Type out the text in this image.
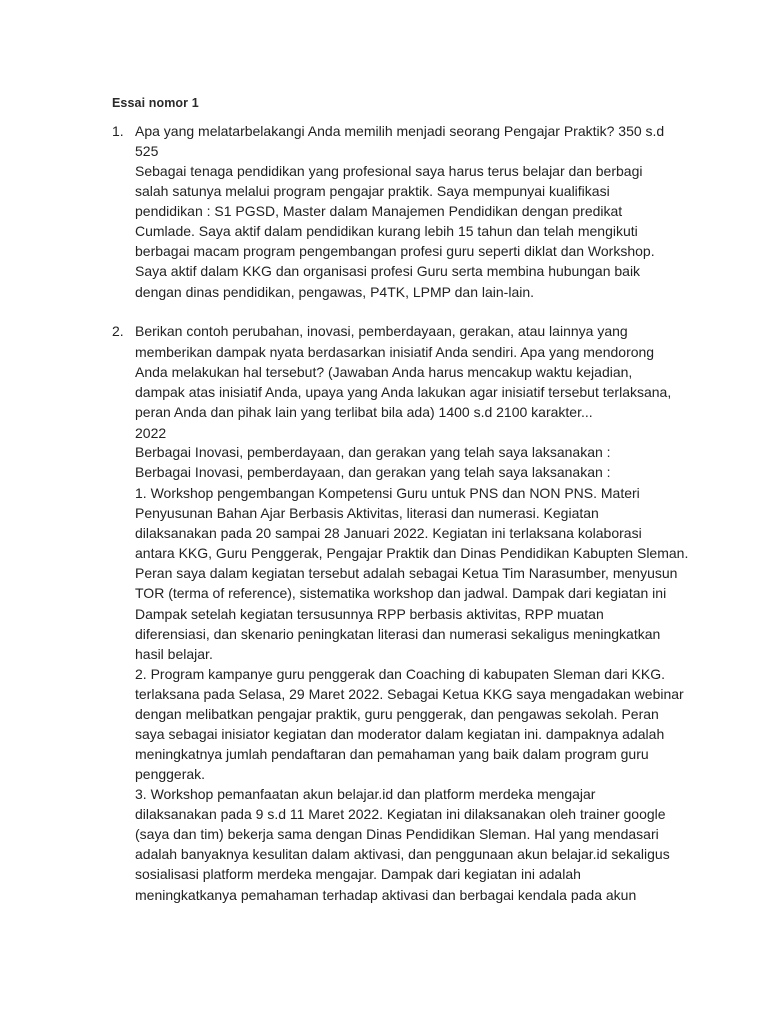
Essai nomor 1
1. Apa yang melatarbelakangi Anda memilih menjadi seorang Pengajar Praktik? 350 s.d
525
Sebagai tenaga pendidikan yang profesional saya harus terus belajar dan berbagi
salah satunya melalui program pengajar praktik. Saya mempunyai kualifikasi
pendidikan : S1 PGSD, Master dalam Manajemen Pendidikan dengan predikat
Cumlade. Saya aktif dalam pendidikan kurang lebih 15 tahun dan telah mengikuti
berbagai macam program pengembangan profesi guru seperti diklat dan Workshop.
Saya aktif dalam KKG dan organisasi profesi Guru serta membina hubungan baik
dengan dinas pendidikan, pengawas, P4TK, LPMP dan lain-lain.
2. Berikan contoh perubahan, inovasi, pemberdayaan, gerakan, atau lainnya yang
memberikan dampak nyata berdasarkan inisiatif Anda sendiri. Apa yang mendorong
Anda melakukan hal tersebut? (Jawaban Anda harus mencakup waktu kejadian,
dampak atas inisiatif Anda, upaya yang Anda lakukan agar inisiatif tersebut terlaksana,
peran Anda dan pihak lain yang terlibat bila ada) 1400 s.d 2100 karakter...
2022
Berbagai Inovasi, pemberdayaan, dan gerakan yang telah saya laksanakan :
Berbagai Inovasi, pemberdayaan, dan gerakan yang telah saya laksanakan :
1. Workshop pengembangan Kompetensi Guru untuk PNS dan NON PNS. Materi
Penyusunan Bahan Ajar Berbasis Aktivitas, literasi dan numerasi. Kegiatan
dilaksanakan pada 20 sampai 28 Januari 2022. Kegiatan ini terlaksana kolaborasi
antara KKG, Guru Penggerak, Pengajar Praktik dan Dinas Pendidikan Kabupten Sleman.
Peran saya dalam kegiatan tersebut adalah sebagai Ketua Tim Narasumber, menyusun
TOR (terma of reference), sistematika workshop dan jadwal. Dampak dari kegiatan ini
Dampak setelah kegiatan tersusunnya RPP berbasis aktivitas, RPP muatan
diferensiasi, dan skenario peningkatan literasi dan numerasi sekaligus meningkatkan
hasil belajar.
2. Program kampanye guru penggerak dan Coaching di kabupaten Sleman dari KKG.
terlaksana pada Selasa, 29 Maret 2022. Sebagai Ketua KKG saya mengadakan webinar
dengan melibatkan pengajar praktik, guru penggerak, dan pengawas sekolah. Peran
saya sebagai inisiator kegiatan dan moderator dalam kegiatan ini. dampaknya adalah
meningkatnya jumlah pendaftaran dan pemahaman yang baik dalam program guru
penggerak.
3. Workshop pemanfaatan akun belajar.id dan platform merdeka mengajar
dilaksanakan pada 9 s.d 11 Maret 2022. Kegiatan ini dilaksanakan oleh trainer google
(saya dan tim) bekerja sama dengan Dinas Pendidikan Sleman. Hal yang mendasari
adalah banyaknya kesulitan dalam aktivasi, dan penggunaan akun belajar.id sekaligus
sosialisasi platform merdeka mengajar. Dampak dari kegiatan ini adalah
meningkatkanya pemahaman terhadap aktivasi dan berbagai kendala pada akun
